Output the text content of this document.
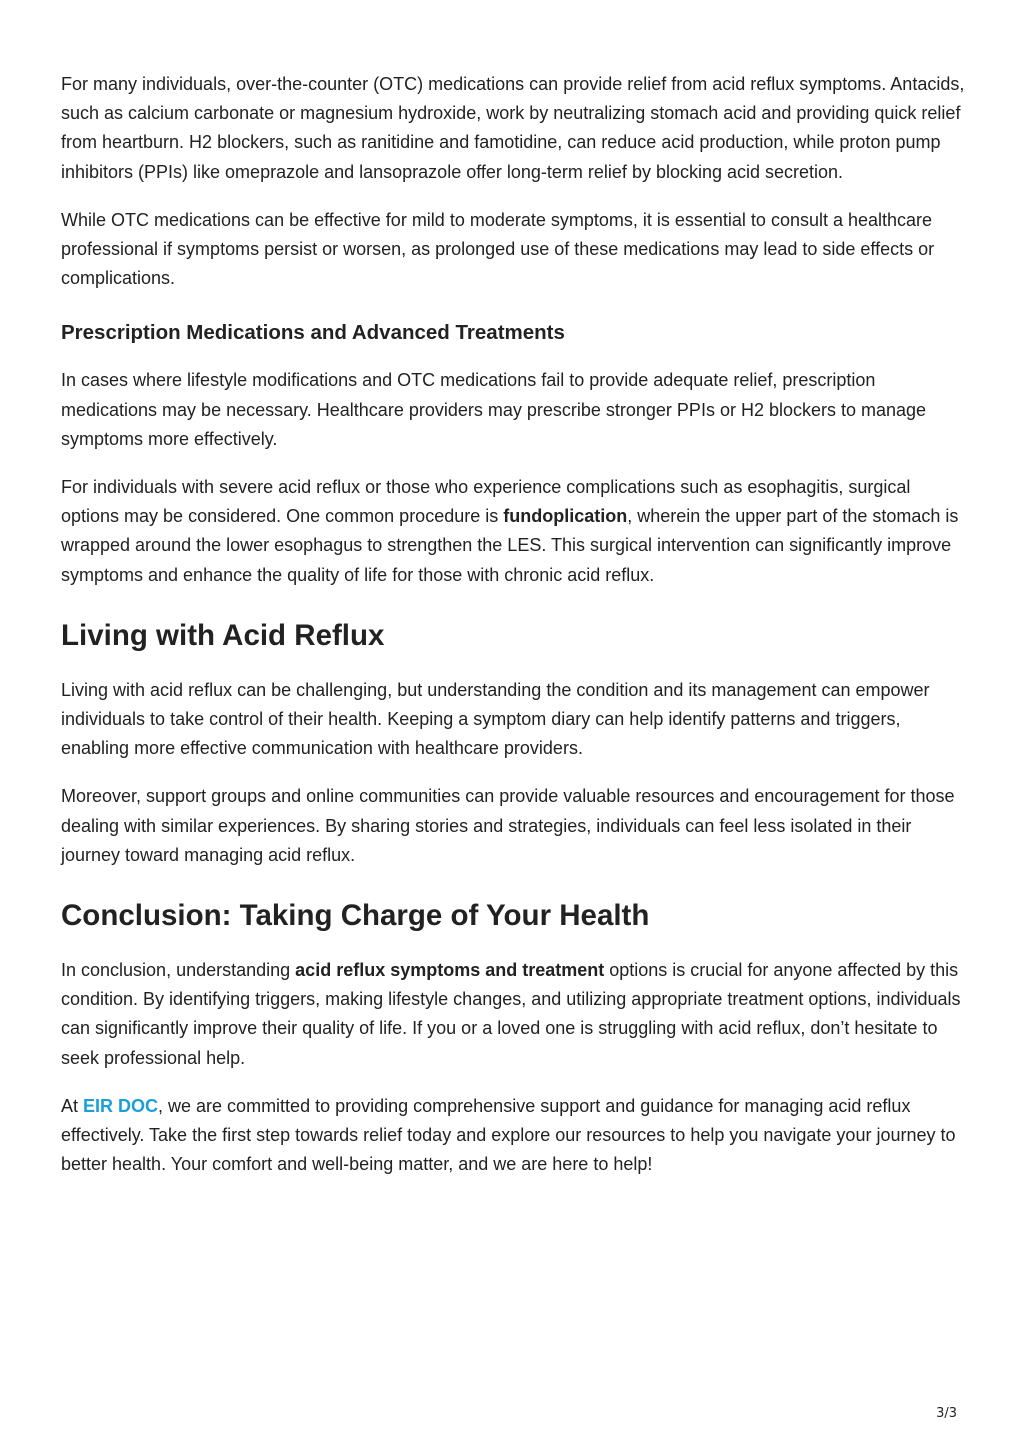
For many individuals, over-the-counter (OTC) medications can provide relief from acid reflux symptoms. Antacids, such as calcium carbonate or magnesium hydroxide, work by neutralizing stomach acid and providing quick relief from heartburn. H2 blockers, such as ranitidine and famotidine, can reduce acid production, while proton pump inhibitors (PPIs) like omeprazole and lansoprazole offer long-term relief by blocking acid secretion.

While OTC medications can be effective for mild to moderate symptoms, it is essential to consult a healthcare professional if symptoms persist or worsen, as prolonged use of these medications may lead to side effects or complications.

Prescription Medications and Advanced Treatments

In cases where lifestyle modifications and OTC medications fail to provide adequate relief, prescription medications may be necessary. Healthcare providers may prescribe stronger PPIs or H2 blockers to manage symptoms more effectively.

For individuals with severe acid reflux or those who experience complications such as esophagitis, surgical options may be considered. One common procedure is fundoplication, wherein the upper part of the stomach is wrapped around the lower esophagus to strengthen the LES. This surgical intervention can significantly improve symptoms and enhance the quality of life for those with chronic acid reflux.

Living with Acid Reflux

Living with acid reflux can be challenging, but understanding the condition and its management can empower individuals to take control of their health. Keeping a symptom diary can help identify patterns and triggers, enabling more effective communication with healthcare providers.

Moreover, support groups and online communities can provide valuable resources and encouragement for those dealing with similar experiences. By sharing stories and strategies, individuals can feel less isolated in their journey toward managing acid reflux.

Conclusion: Taking Charge of Your Health

In conclusion, understanding acid reflux symptoms and treatment options is crucial for anyone affected by this condition. By identifying triggers, making lifestyle changes, and utilizing appropriate treatment options, individuals can significantly improve their quality of life. If you or a loved one is struggling with acid reflux, don’t hesitate to seek professional help.

At EIR DOC, we are committed to providing comprehensive support and guidance for managing acid reflux effectively. Take the first step towards relief today and explore our resources to help you navigate your journey to better health. Your comfort and well-being matter, and we are here to help!

3/3
